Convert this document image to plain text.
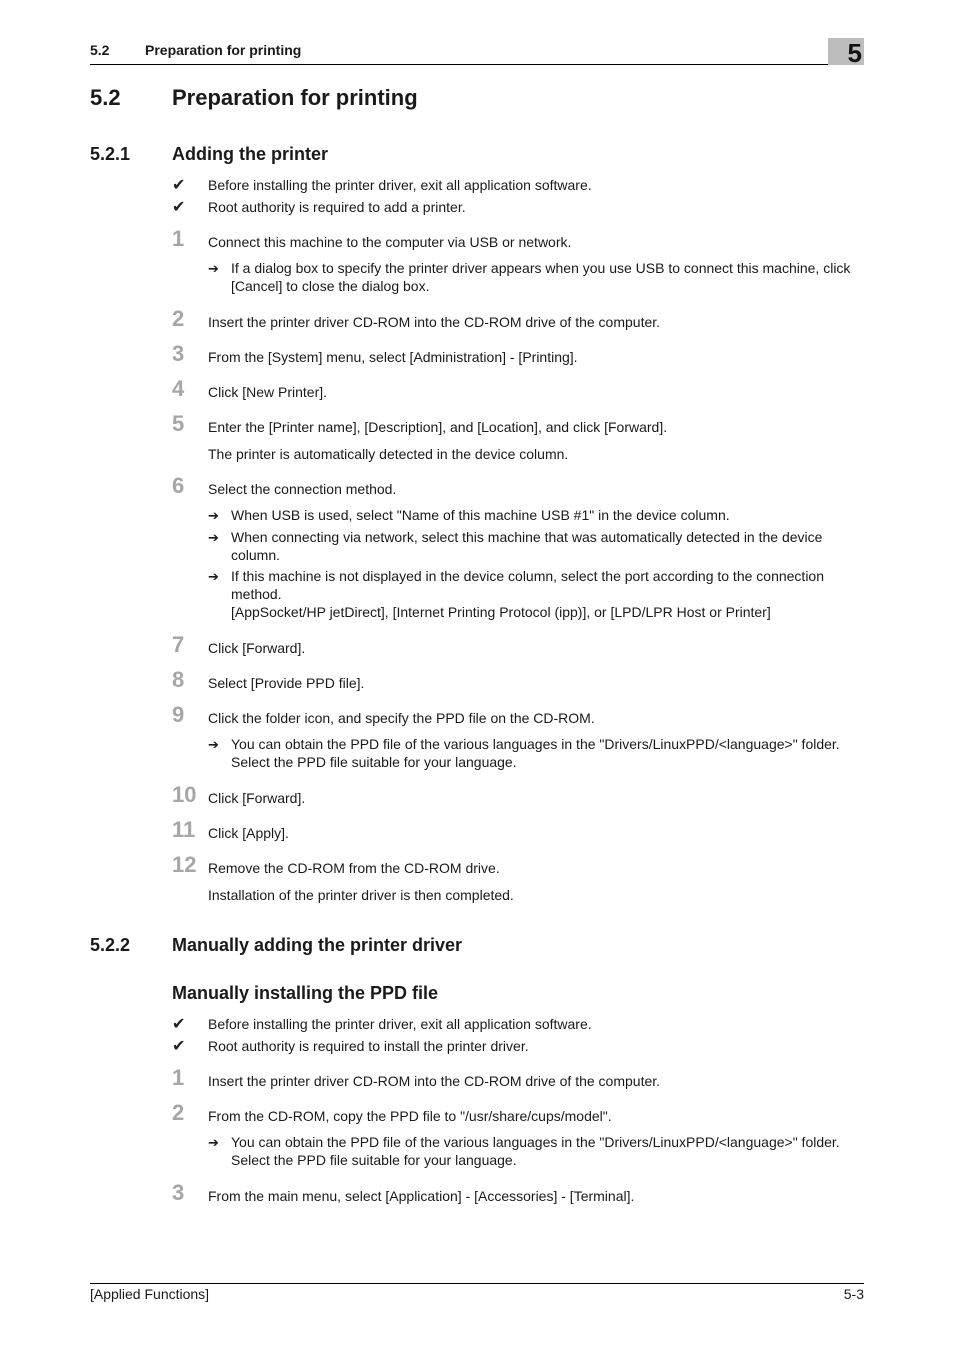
5.2	Preparation for printing	5
5.2 Preparation for printing
5.2.1 Adding the printer
✔ Before installing the printer driver, exit all application software.
✔ Root authority is required to add a printer.
1	Connect this machine to the computer via USB or network.
➔ If a dialog box to specify the printer driver appears when you use USB to connect this machine, click [Cancel] to close the dialog box.
2	Insert the printer driver CD-ROM into the CD-ROM drive of the computer.
3	From the [System] menu, select [Administration] - [Printing].
4	Click [New Printer].
5	Enter the [Printer name], [Description], and [Location], and click [Forward].
The printer is automatically detected in the device column.
6	Select the connection method.
➔ When USB is used, select "Name of this machine USB #1" in the device column.
➔ When connecting via network, select this machine that was automatically detected in the device column.
➔ If this machine is not displayed in the device column, select the port according to the connection method.
[AppSocket/HP jetDirect], [Internet Printing Protocol (ipp)], or [LPD/LPR Host or Printer]
7	Click [Forward].
8	Select [Provide PPD file].
9	Click the folder icon, and specify the PPD file on the CD-ROM.
➔ You can obtain the PPD file of the various languages in the "Drivers/LinuxPPD/<language>" folder. Select the PPD file suitable for your language.
10 Click [Forward].
11 Click [Apply].
12 Remove the CD-ROM from the CD-ROM drive.
Installation of the printer driver is then completed.
5.2.2 Manually adding the printer driver
Manually installing the PPD file
✔ Before installing the printer driver, exit all application software.
✔ Root authority is required to install the printer driver.
1	Insert the printer driver CD-ROM into the CD-ROM drive of the computer.
2	From the CD-ROM, copy the PPD file to "/usr/share/cups/model".
➔ You can obtain the PPD file of the various languages in the "Drivers/LinuxPPD/<language>" folder. Select the PPD file suitable for your language.
3	From the main menu, select [Application] - [Accessories] - [Terminal].
[Applied Functions]	5-3
